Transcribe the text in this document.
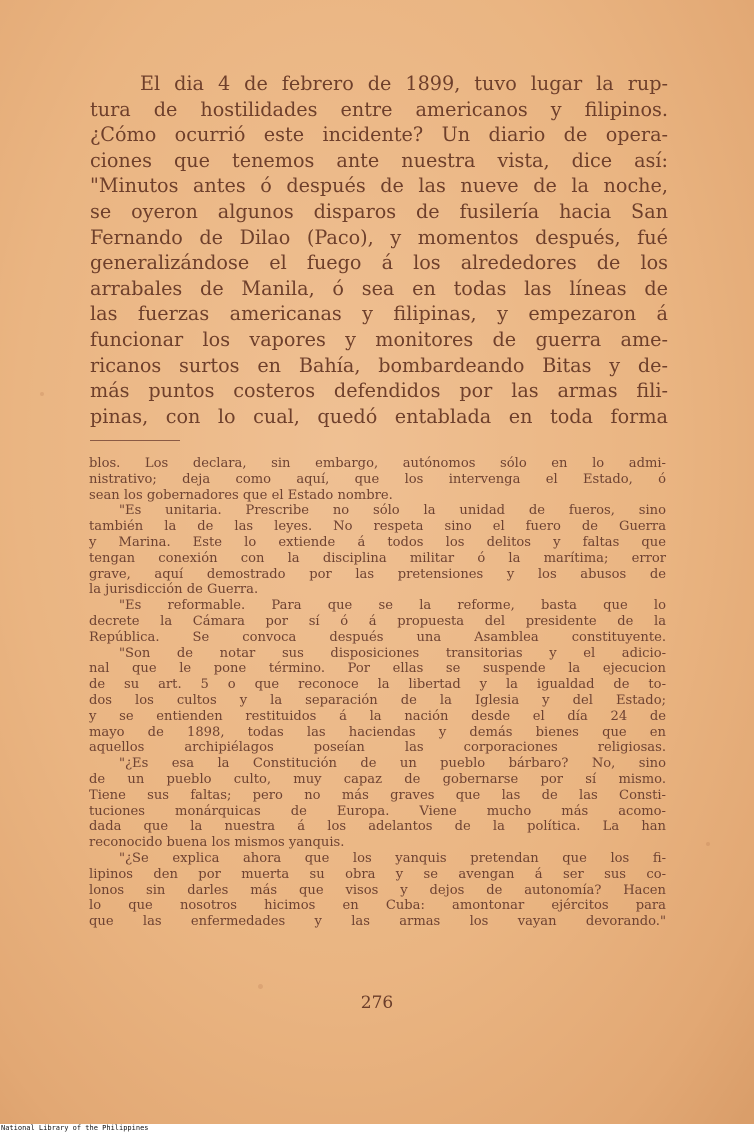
El dia 4 de febrero de 1899, tuvo lugar la rup-
tura de hostilidades entre americanos y filipinos.
¿Cómo ocurrió este incidente? Un diario de opera-
ciones que tenemos ante nuestra vista, dice así:
"Minutos antes ó después de las nueve de la noche,
se oyeron algunos disparos de fusilería hacia San
Fernando de Dilao (Paco), y momentos después, fué
generalizándose el fuego á los alrededores de los
arrabales de Manila, ó sea en todas las líneas de
las fuerzas americanas y filipinas, y empezaron á
funcionar los vapores y monitores de guerra ame-
ricanos surtos en Bahía, bombardeando Bitas y de-
más puntos costeros defendidos por las armas fili-
pinas, con lo cual, quedó entablada en toda forma
blos. Los declara, sin embargo, autónomos sólo en lo admi-
nistrativo; deja como aquí, que los intervenga el Estado, ó
sean los gobernadores que el Estado nombre.
"Es unitaria. Prescribe no sólo la unidad de fueros, sino
también la de las leyes. No respeta sino el fuero de Guerra
y Marina. Este lo extiende á todos los delitos y faltas que
tengan conexión con la disciplina militar ó la marítima; error
grave, aquí demostrado por las pretensiones y los abusos de
la jurisdicción de Guerra.
"Es reformable. Para que se la reforme, basta que lo
decrete la Cámara por sí ó á propuesta del presidente de la
República. Se convoca después una Asamblea constituyente.
"Son de notar sus disposiciones transitorias y el adicio-
nal que le pone término. Por ellas se suspende la ejecucion
de su art. 5 o que reconoce la libertad y la igualdad de to-
dos los cultos y la separación de la Iglesia y del Estado;
y se entienden restituidos á la nación desde el día 24 de
mayo de 1898, todas las haciendas y demás bienes que en
aquellos archipiélagos poseían las corporaciones religiosas.
"¿Es esa la Constitución de un pueblo bárbaro? No, sino
de un pueblo culto, muy capaz de gobernarse por sí mismo.
Tiene sus faltas; pero no más graves que las de las Consti-
tuciones monárquicas de Europa. Viene mucho más acomo-
dada que la nuestra á los adelantos de la política. La han
reconocido buena los mismos yanquis.
"¿Se explica ahora que los yanquis pretendan que los fi-
lipinos den por muerta su obra y se avengan á ser sus co-
lonos sin darles más que visos y dejos de autonomía? Hacen
lo que nosotros hicimos en Cuba: amontonar ejércitos para
que las enfermedades y las armas los vayan devorando."
276
National Library of the Philippines
